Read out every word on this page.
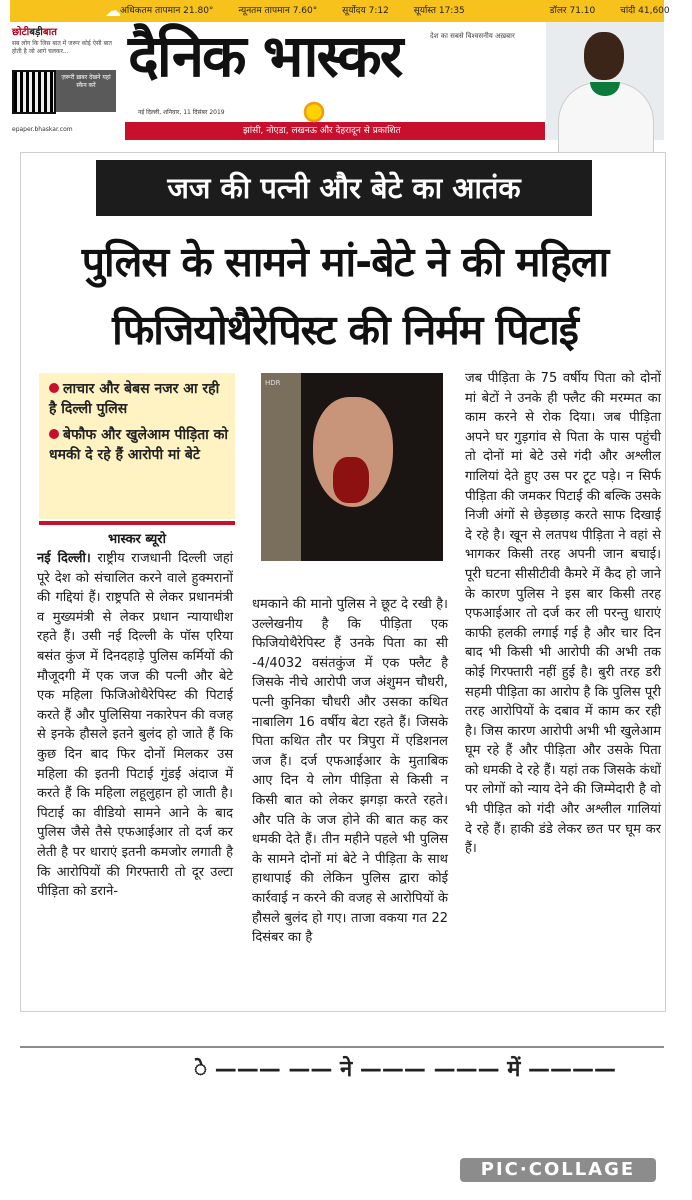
अधिकतम तापमान 21.80°	न्यूनतम तापमान 7.60°	सूर्योदय 7:12	सूर्यास्त 17:35	डॉलर 71.10	चांदी 41,600
☁
छोटीबड़ीबात
सब लोग कि जिस बात में जरूर कोई ऐसी बात होती है जो आगे चलकर...
ज़रूरी ख़बर देखने यहां स्कैन करें
epaper.bhaskar.com
दैनिक भास्कर	देश का सबसे विश्वसनीय अख़बार
नई दिल्ली, शनिवार, 11 दिसंबर 2019
झांसी, नोएडा, लखनऊ और देहरादून से प्रकाशित
जज की पत्नी और बेटे का आतंक
पुलिस के सामने मां-बेटे ने की महिला
फिजियोथैरेपिस्ट की निर्मम पिटाई

लाचार और बेबस नजर आ रही है दिल्ली पुलिस

बेफौफ और खुलेआम पीड़िता को धमकी दे रहे हैं आरोपी मां बेटे

भास्कर ब्यूरो
HDR
नई दिल्ली। राष्ट्रीय राजधानी दिल्ली जहां पूरे देश को संचालित करने वाले हुक्मरानों की गद्दियां हैं। राष्ट्रपति से लेकर प्रधानमंत्री व मुख्यमंत्री से लेकर प्रधान न्यायाधीश रहते हैं। उसी नई दिल्ली के पॉस एरिया बसंत कुंज में दिनदहाड़े पुलिस कर्मियों की मौजूदगी में एक जज की पत्नी और बेटे एक महिला फिजिओथैरेपिस्ट की पिटाई करते हैं और पुलिसिया नकारेपन की वजह से इनके हौसले इतने बुलंद हो जाते हैं कि कुछ दिन बाद फिर दोनों मिलकर उस महिला की इतनी पिटाई गुंडई अंदाज में करते हैं कि महिला लहूलुहान हो जाती है। पिटाई का वीडियो सामने आने के बाद पुलिस जैसे तैसे एफआईआर तो दर्ज कर लेती है पर धाराएं इतनी कमजोर लगाती है कि आरोपियों की गिरफ्तारी तो दूर उल्टा पीड़िता को डराने-
धमकाने की मानो पुलिस ने छूट दे रखी है। उल्लेखनीय है कि पीड़िता एक फिजियोथैरेपिस्ट हैं उनके पिता का सी -4/4032 वसंतकुंज में एक फ्लैट है जिसके नीचे आरोपी जज अंशुमन चौधरी, पत्नी कुनिका चौधरी और उसका कथित नाबालिग 16 वर्षीय बेटा रहते हैं। जिसके पिता कथित तौर पर त्रिपुरा में एडिशनल जज हैं। दर्ज एफआईआर के मुताबिक आए दिन ये लोग पीड़िता से किसी न किसी बात को लेकर झगड़ा करते रहते। और पति के जज होने की बात कह कर धमकी देते हैं। तीन महीने पहले भी पुलिस के सामने दोनों मां बेटे ने पीड़िता के साथ हाथापाई की लेकिन पुलिस द्वारा कोई कार्रवाई न करने की वजह से आरोपियों के हौसले बुलंद हो गए। ताजा वकया गत 22 दिसंबर का है
जब पीड़िता के 75 वर्षीय पिता को दोनों मां बेटों ने उनके ही फ्लैट की मरम्मत का काम करने से रोक दिया। जब पीड़िता अपने घर गुड़गांव से पिता के पास पहुंची तो दोनों मां बेटे उसे गंदी और अश्लील गालियां देते हुए उस पर टूट पड़े। न सिर्फ पीड़िता की जमकर पिटाई की बल्कि उसके निजी अंगों से छेड़छाड़ करते साफ दिखाई दे रहे है। खून से लतपथ पीड़िता ने वहां से भागकर किसी तरह अपनी जान बचाई। पूरी घटना सीसीटीवी कैमरे में कैद हो जाने के कारण पुलिस ने इस बार किसी तरह एफआईआर तो दर्ज कर ली परन्तु धाराएं काफी हलकी लगाई गई है और चार दिन बाद भी किसी भी आरोपी की अभी तक कोई गिरफ्तारी नहीं हुई है। बुरी तरह डरी सहमी पीड़िता का आरोप है कि पुलिस पूरी तरह आरोपियों के दबाव में काम कर रही है। जिस कारण आरोपी अभी भी खुलेआम घूम रहे हैं और पीड़िता और उसके पिता को धमकी दे रहे हैं। यहां तक जिसके कंधों पर लोगों को न्याय देने की जिम्मेदारी है वो भी पीड़ित को गंदी और अश्लील गालियां दे रहे हैं। हाकी डंडे लेकर छत पर घूम कर हैं।
े ——— —— ने ——— ——— में ————
PIC·COLLAGE
